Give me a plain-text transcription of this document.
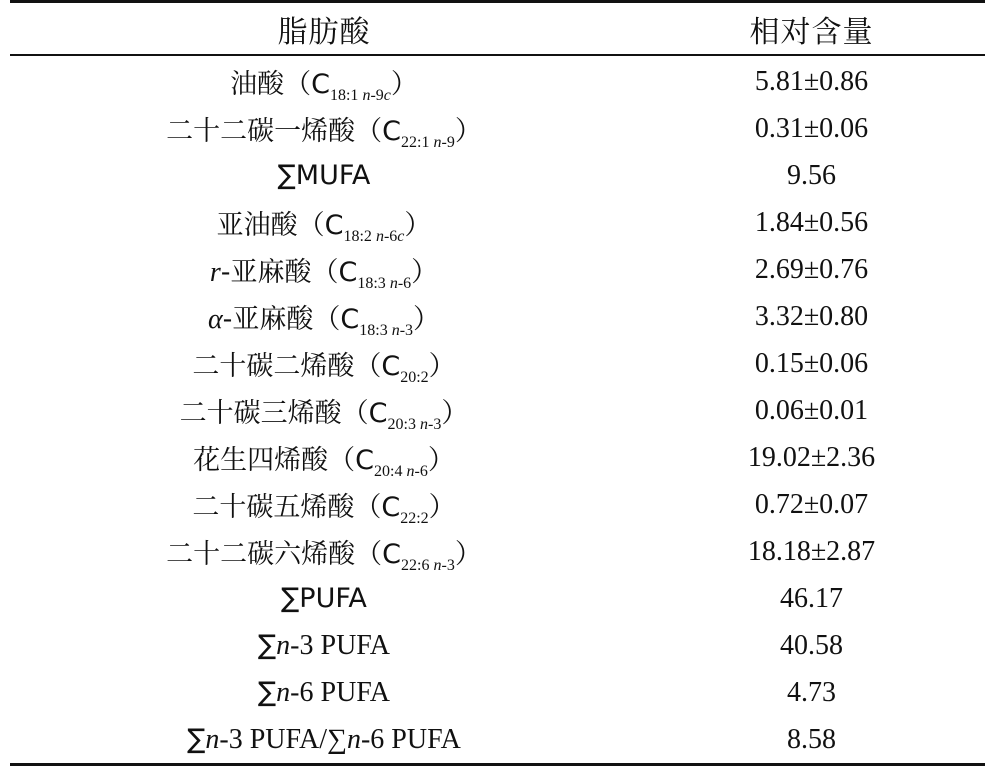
脂肪酸	相对含量
油酸$(C_{18:1 n-9c})$	5.81±0.86
二十二碳一烯酸$(C_{22:1 n-9})$	0.31±0.06
∑MUFA	9.56
亚油酸$(C_{18:2 n-6c})$	1.84±0.56
r-亚麻酸$(C_{18:3 n-6})$	2.69±0.76
α-亚麻酸$(C_{18:3 n-3})$	3.32±0.80
二十碳二烯酸$(C_{20:2})$	0.15±0.06
二十碳三烯酸$(C_{20:3 n-3})$	0.06±0.01
花生四烯酸$(C_{20:4 n-6})$	19.02±2.36
二十碳五烯酸$(C_{22:2})$	0.72±0.07
二十二碳六烯酸$(C_{22:6 n-3})$	18.18±2.87
∑PUFA	46.17
∑n-3 PUFA	40.58
∑n-6 PUFA	4.73
∑n-3 PUFA/∑n-6 PUFA	8.58
